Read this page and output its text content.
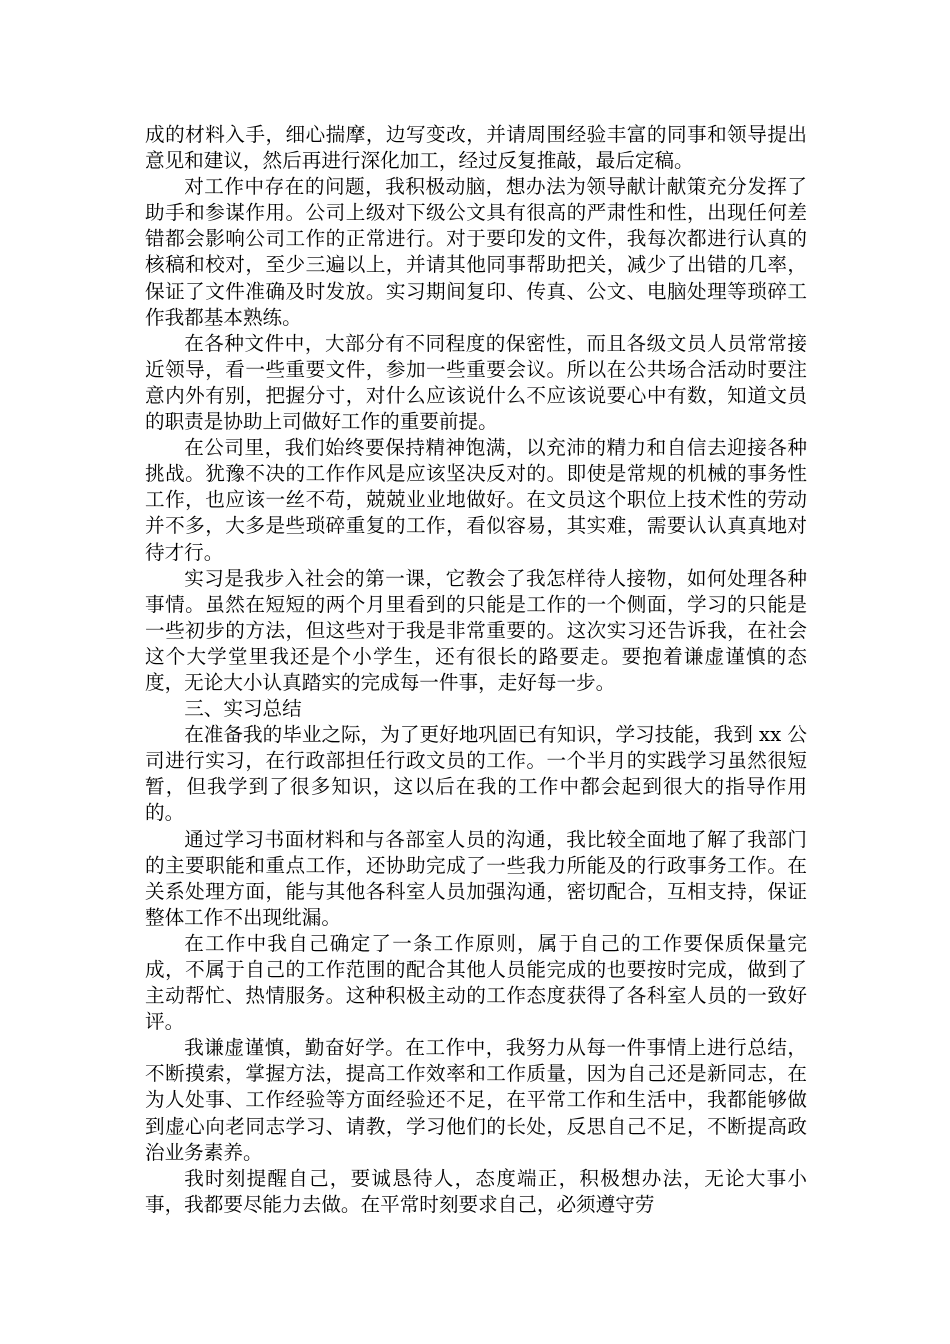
成的材料入手，细心揣摩，边写变改，并请周围经验丰富的同事和领导提出意见和建议，然后再进行深化加工，经过反复推敲，最后定稿。

对工作中存在的问题，我积极动脑，想办法为领导献计献策充分发挥了助手和参谋作用。公司上级对下级公文具有很高的严肃性和性，出现任何差错都会影响公司工作的正常进行。对于要印发的文件，我每次都进行认真的核稿和校对，至少三遍以上，并请其他同事帮助把关，减少了出错的几率，保证了文件准确及时发放。实习期间复印、传真、公文、电脑处理等琐碎工作我都基本熟练。

在各种文件中，大部分有不同程度的保密性，而且各级文员人员常常接近领导，看一些重要文件，参加一些重要会议。所以在公共场合活动时要注意内外有别，把握分寸，对什么应该说什么不应该说要心中有数，知道文员的职责是协助上司做好工作的重要前提。

在公司里，我们始终要保持精神饱满，以充沛的精力和自信去迎接各种挑战。犹豫不决的工作作风是应该坚决反对的。即使是常规的机械的事务性工作，也应该一丝不苟，兢兢业业地做好。在文员这个职位上技术性的劳动并不多，大多是些琐碎重复的工作，看似容易，其实难，需要认认真真地对待才行。

实习是我步入社会的第一课，它教会了我怎样待人接物，如何处理各种事情。虽然在短短的两个月里看到的只能是工作的一个侧面，学习的只能是一些初步的方法，但这些对于我是非常重要的。这次实习还告诉我，在社会这个大学堂里我还是个小学生，还有很长的路要走。要抱着谦虚谨慎的态度，无论大小认真踏实的完成每一件事，走好每一步。

三、实习总结

在准备我的毕业之际，为了更好地巩固已有知识，学习技能，我到 xx 公司进行实习，在行政部担任行政文员的工作。一个半月的实践学习虽然很短暂，但我学到了很多知识，这以后在我的工作中都会起到很大的指导作用的。

通过学习书面材料和与各部室人员的沟通，我比较全面地了解了我部门的主要职能和重点工作，还协助完成了一些我力所能及的行政事务工作。在关系处理方面，能与其他各科室人员加强沟通，密切配合，互相支持，保证整体工作不出现纰漏。

在工作中我自己确定了一条工作原则，属于自己的工作要保质保量完成，不属于自己的工作范围的配合其他人员能完成的也要按时完成，做到了主动帮忙、热情服务。这种积极主动的工作态度获得了各科室人员的一致好评。

我谦虚谨慎，勤奋好学。在工作中，我努力从每一件事情上进行总结，不断摸索，掌握方法，提高工作效率和工作质量，因为自己还是新同志，在为人处事、工作经验等方面经验还不足，在平常工作和生活中，我都能够做到虚心向老同志学习、请教，学习他们的长处，反思自己不足，不断提高政治业务素养。

我时刻提醒自己，要诚恳待人，态度端正，积极想办法，无论大事小事，我都要尽能力去做。在平常时刻要求自己，必须遵守劳
